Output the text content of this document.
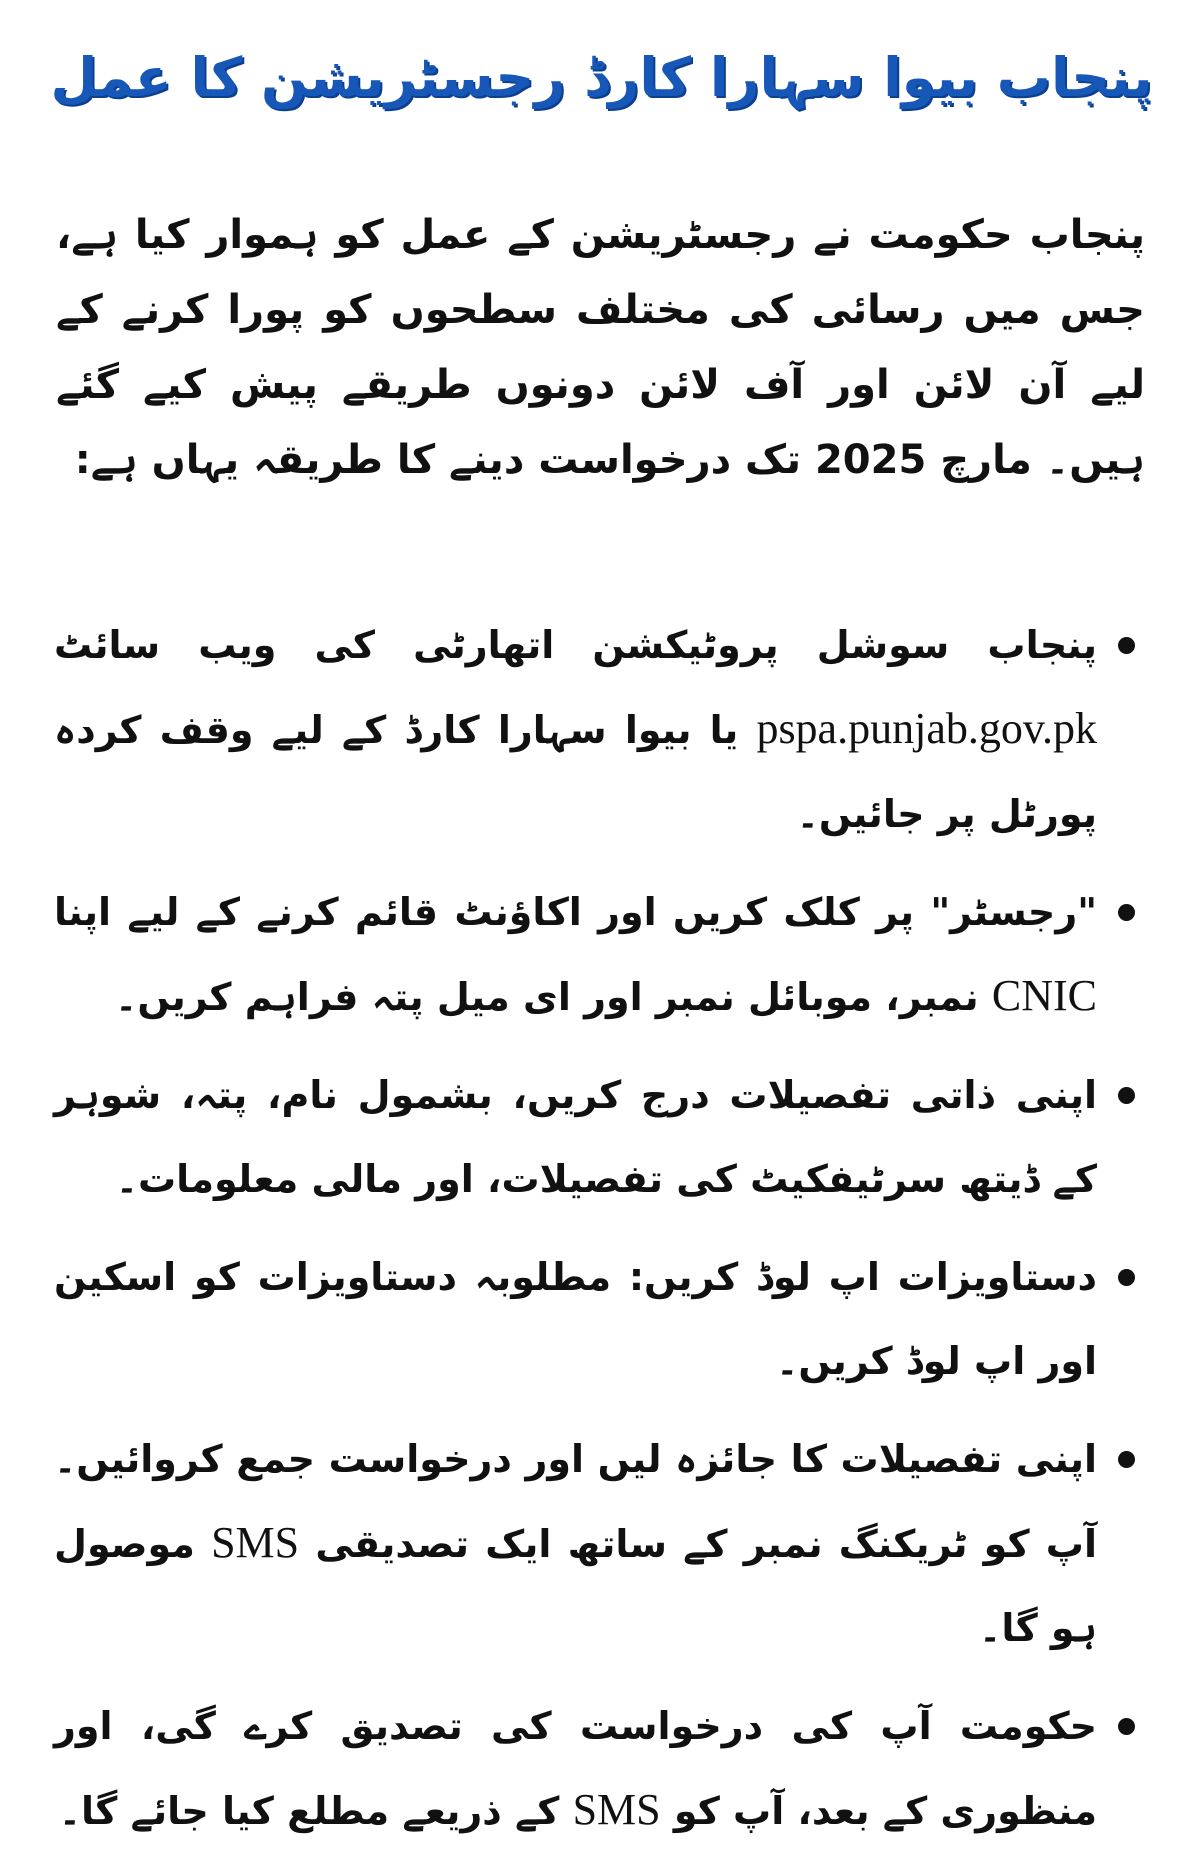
پنجاب بیوا سہارا کارڈ رجسٹریشن کا عمل

پنجاب حکومت نے رجسٹریشن کے عمل کو ہموار کیا ہے، جس میں رسائی کی مختلف سطحوں کو پورا کرنے کے لیے آن لائن اور آف لائن دونوں طریقے پیش کیے گئے ہیں۔ مارچ 2025 تک درخواست دینے کا طریقہ یہاں ہے:

پنجاب سوشل پروٹیکشن اتھارٹی کی ویب سائٹ pspa.punjab.gov.pk یا بیوا سہارا کارڈ کے لیے وقف کردہ پورٹل پر جائیں۔
"رجسٹر" پر کلک کریں اور اکاؤنٹ قائم کرنے کے لیے اپنا CNIC نمبر، موبائل نمبر اور ای میل پتہ فراہم کریں۔
اپنی ذاتی تفصیلات درج کریں، بشمول نام، پتہ، شوہر کے ڈیتھ سرٹیفکیٹ کی تفصیلات، اور مالی معلومات۔
دستاویزات اپ لوڈ کریں: مطلوبہ دستاویزات کو اسکین اور اپ لوڈ کریں۔
اپنی تفصیلات کا جائزہ لیں اور درخواست جمع کروائیں۔ آپ کو ٹریکنگ نمبر کے ساتھ ایک تصدیقی SMS موصول ہو گا۔
حکومت آپ کی درخواست کی تصدیق کرے گی، اور منظوری کے بعد، آپ کو SMS کے ذریعے مطلع کیا جائے گا۔
